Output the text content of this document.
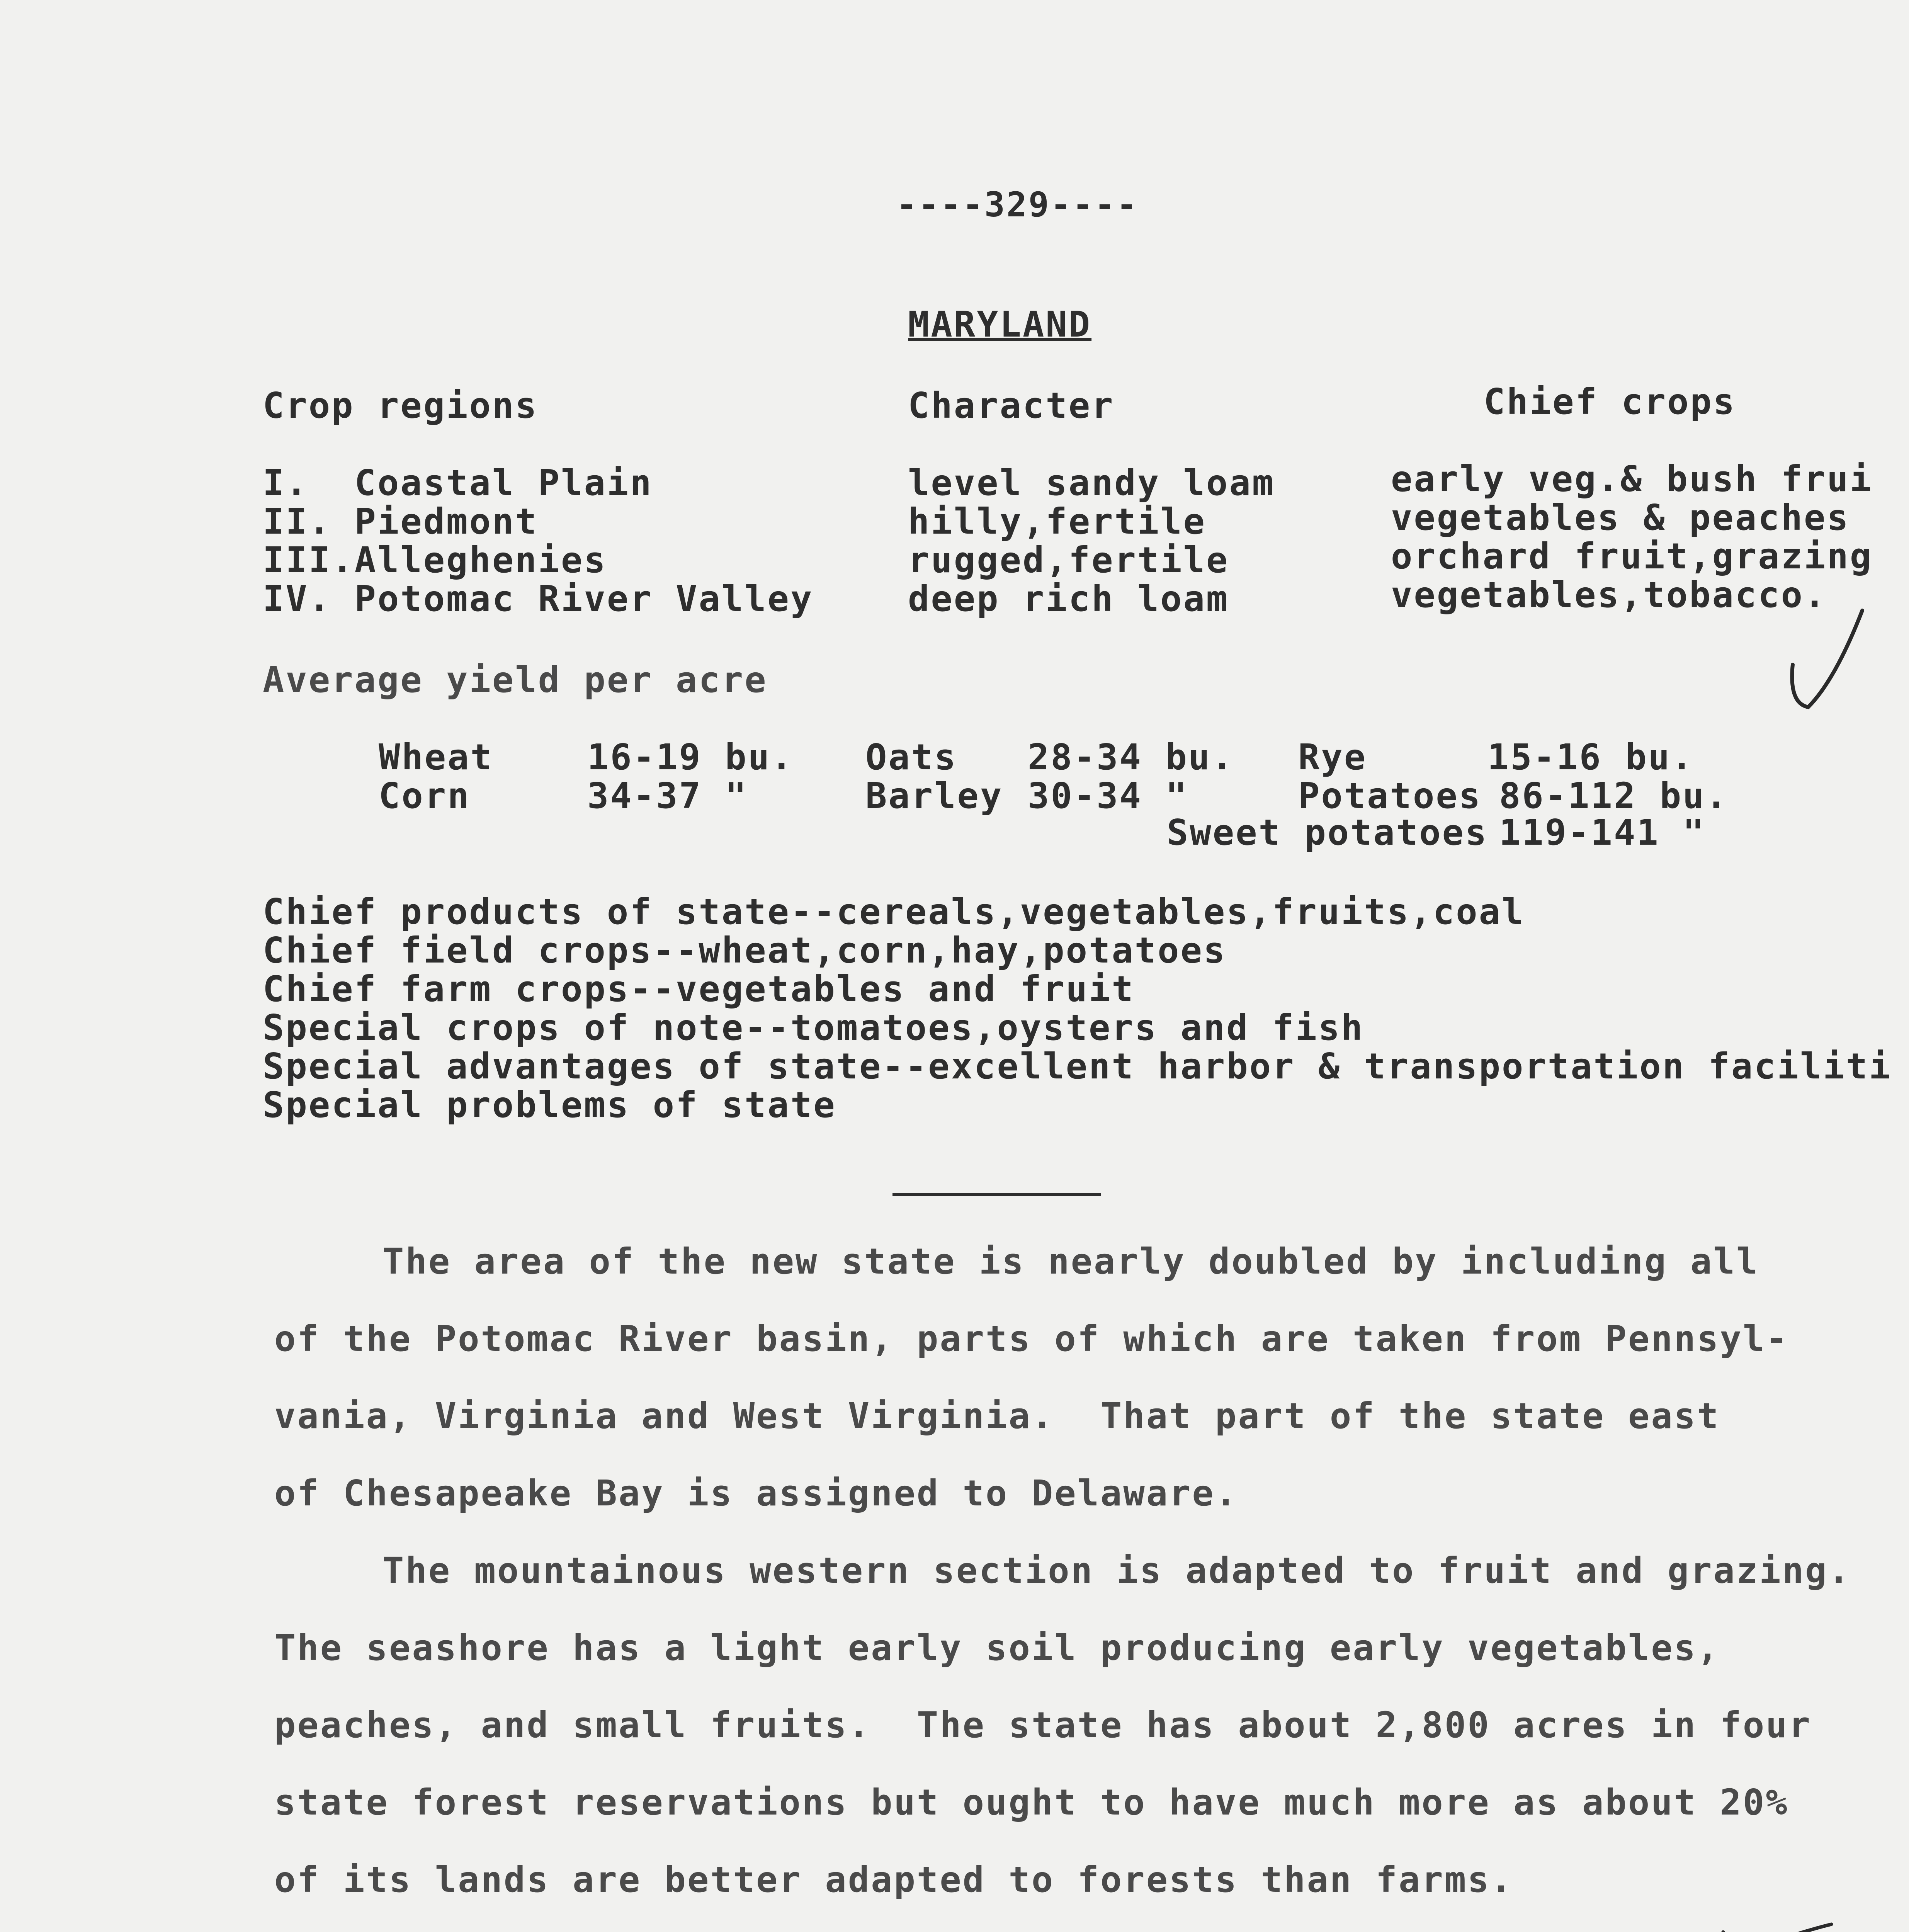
----329----
MARYLAND
Crop regions	Character	Chief crops
I.  Coastal Plain	level sandy loam	early veg.& bush frui
II. Piedmont	hilly,fertile	vegetables & peaches
III.Alleghenies	rugged,fertile	orchard fruit,grazing
IV. Potomac River Valley	deep rich loam	vegetables,tobacco.
Average yield per acre
Wheat	16-19 bu. Oats 28-34 bu. Rye	15-16 bu.
Corn	34-37 "	Barley 30-34 "	Potatoes 86-112 bu.
Sweet potatoes 119-141 "
Chief products of state--cereals,vegetables,fruits,coal
Chief field crops--wheat,corn,hay,potatoes
Chief farm crops--vegetables and fruit
Special crops of note--tomatoes,oysters and fish
Special advantages of state--excellent harbor & transportation faciliti
Special problems of state
The area of the new state is nearly doubled by including all
of the Potomac River basin, parts of which are taken from Pennsyl-
vania, Virginia and West Virginia.  That part of the state east
of Chesapeake Bay is assigned to Delaware.
The mountainous western section is adapted to fruit and grazing.
The seashore has a light early soil producing early vegetables,
peaches, and small fruits.  The state has about 2,800 acres in four
state forest reservations but ought to have much more as about 20%
of its lands are better adapted to forests than farms.
